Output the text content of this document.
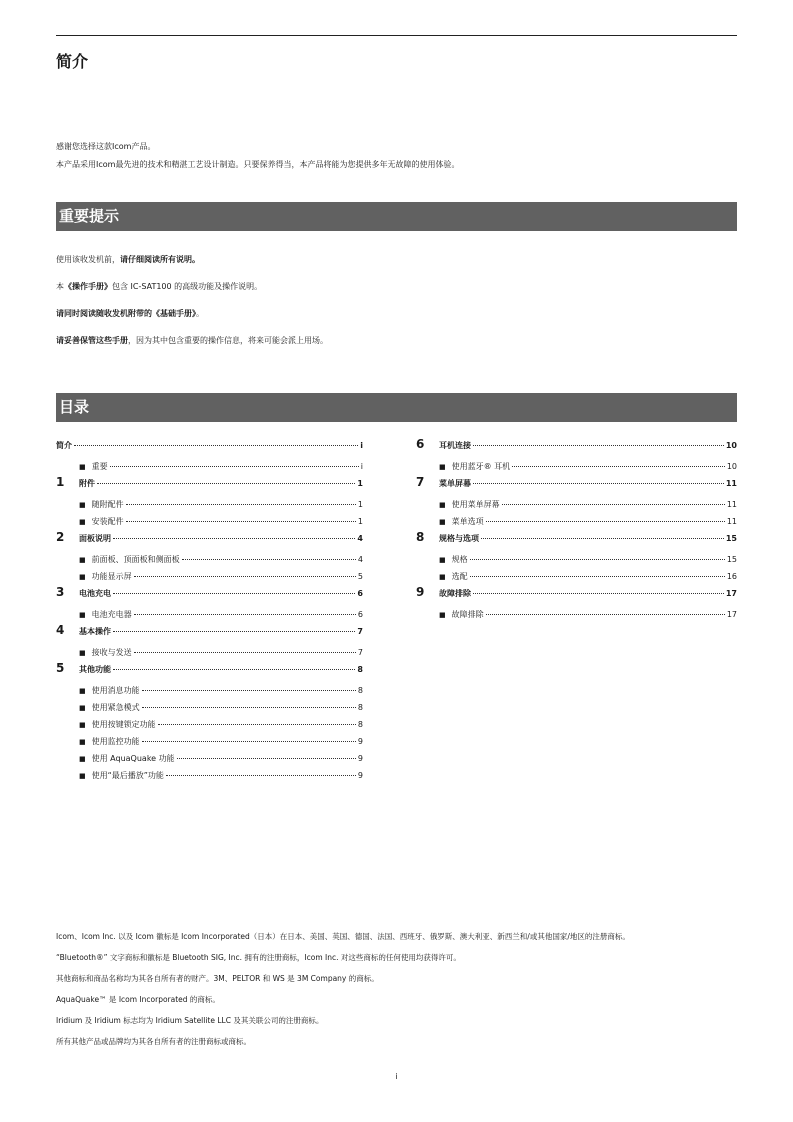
简介

感谢您选择这款Icom产品。

本产品采用Icom最先进的技术和精湛工艺设计制造。只要保养得当，本产品将能为您提供多年无故障的使用体验。

重要提示

使用该收发机前，请仔细阅读所有说明。

本《操作手册》包含 IC-SAT100 的高级功能及操作说明。

请同时阅读随收发机附带的《基础手册》。

请妥善保管这些手册，因为其中包含重要的操作信息，将来可能会派上用场。

目录
简介	i
■ 重要	i
1	附件	1
■ 随附配件	1
■ 安装配件	1
2	面板说明	4
■ 前面板、顶面板和侧面板	4
■ 功能显示屏	5
3	电池充电	6
■ 电池充电器	6
4	基本操作	7
■ 接收与发送	7
5	其他功能	8
■ 使用消息功能	8
■ 使用紧急模式	8
■ 使用按键锁定功能	8
■ 使用监控功能	9
■ 使用 AquaQuake 功能	9
■ 使用“最后播放”功能	9
6	耳机连接	10
■ 使用蓝牙® 耳机	10
7	菜单屏幕	11
■ 使用菜单屏幕	11
■ 菜单选项	11
8	规格与选项	15
■ 规格	15
■ 选配	16
9	故障排除	17
■ 故障排除	17

Icom、Icom Inc. 以及 Icom 徽标是 Icom Incorporated（日本）在日本、美国、英国、德国、法国、西班牙、俄罗斯、澳大利亚、新西兰和/或其他国家/地区的注册商标。

“Bluetooth®” 文字商标和徽标是 Bluetooth SIG, Inc. 拥有的注册商标，Icom Inc. 对这些商标的任何使用均获得许可。

其他商标和商品名称均为其各自所有者的财产。3M、PELTOR 和 WS 是 3M Company 的商标。

AquaQuake™ 是 Icom Incorporated 的商标。

Iridium 及 Iridium 标志均为 Iridium Satellite LLC 及其关联公司的注册商标。

所有其他产品或品牌均为其各自所有者的注册商标或商标。

i
